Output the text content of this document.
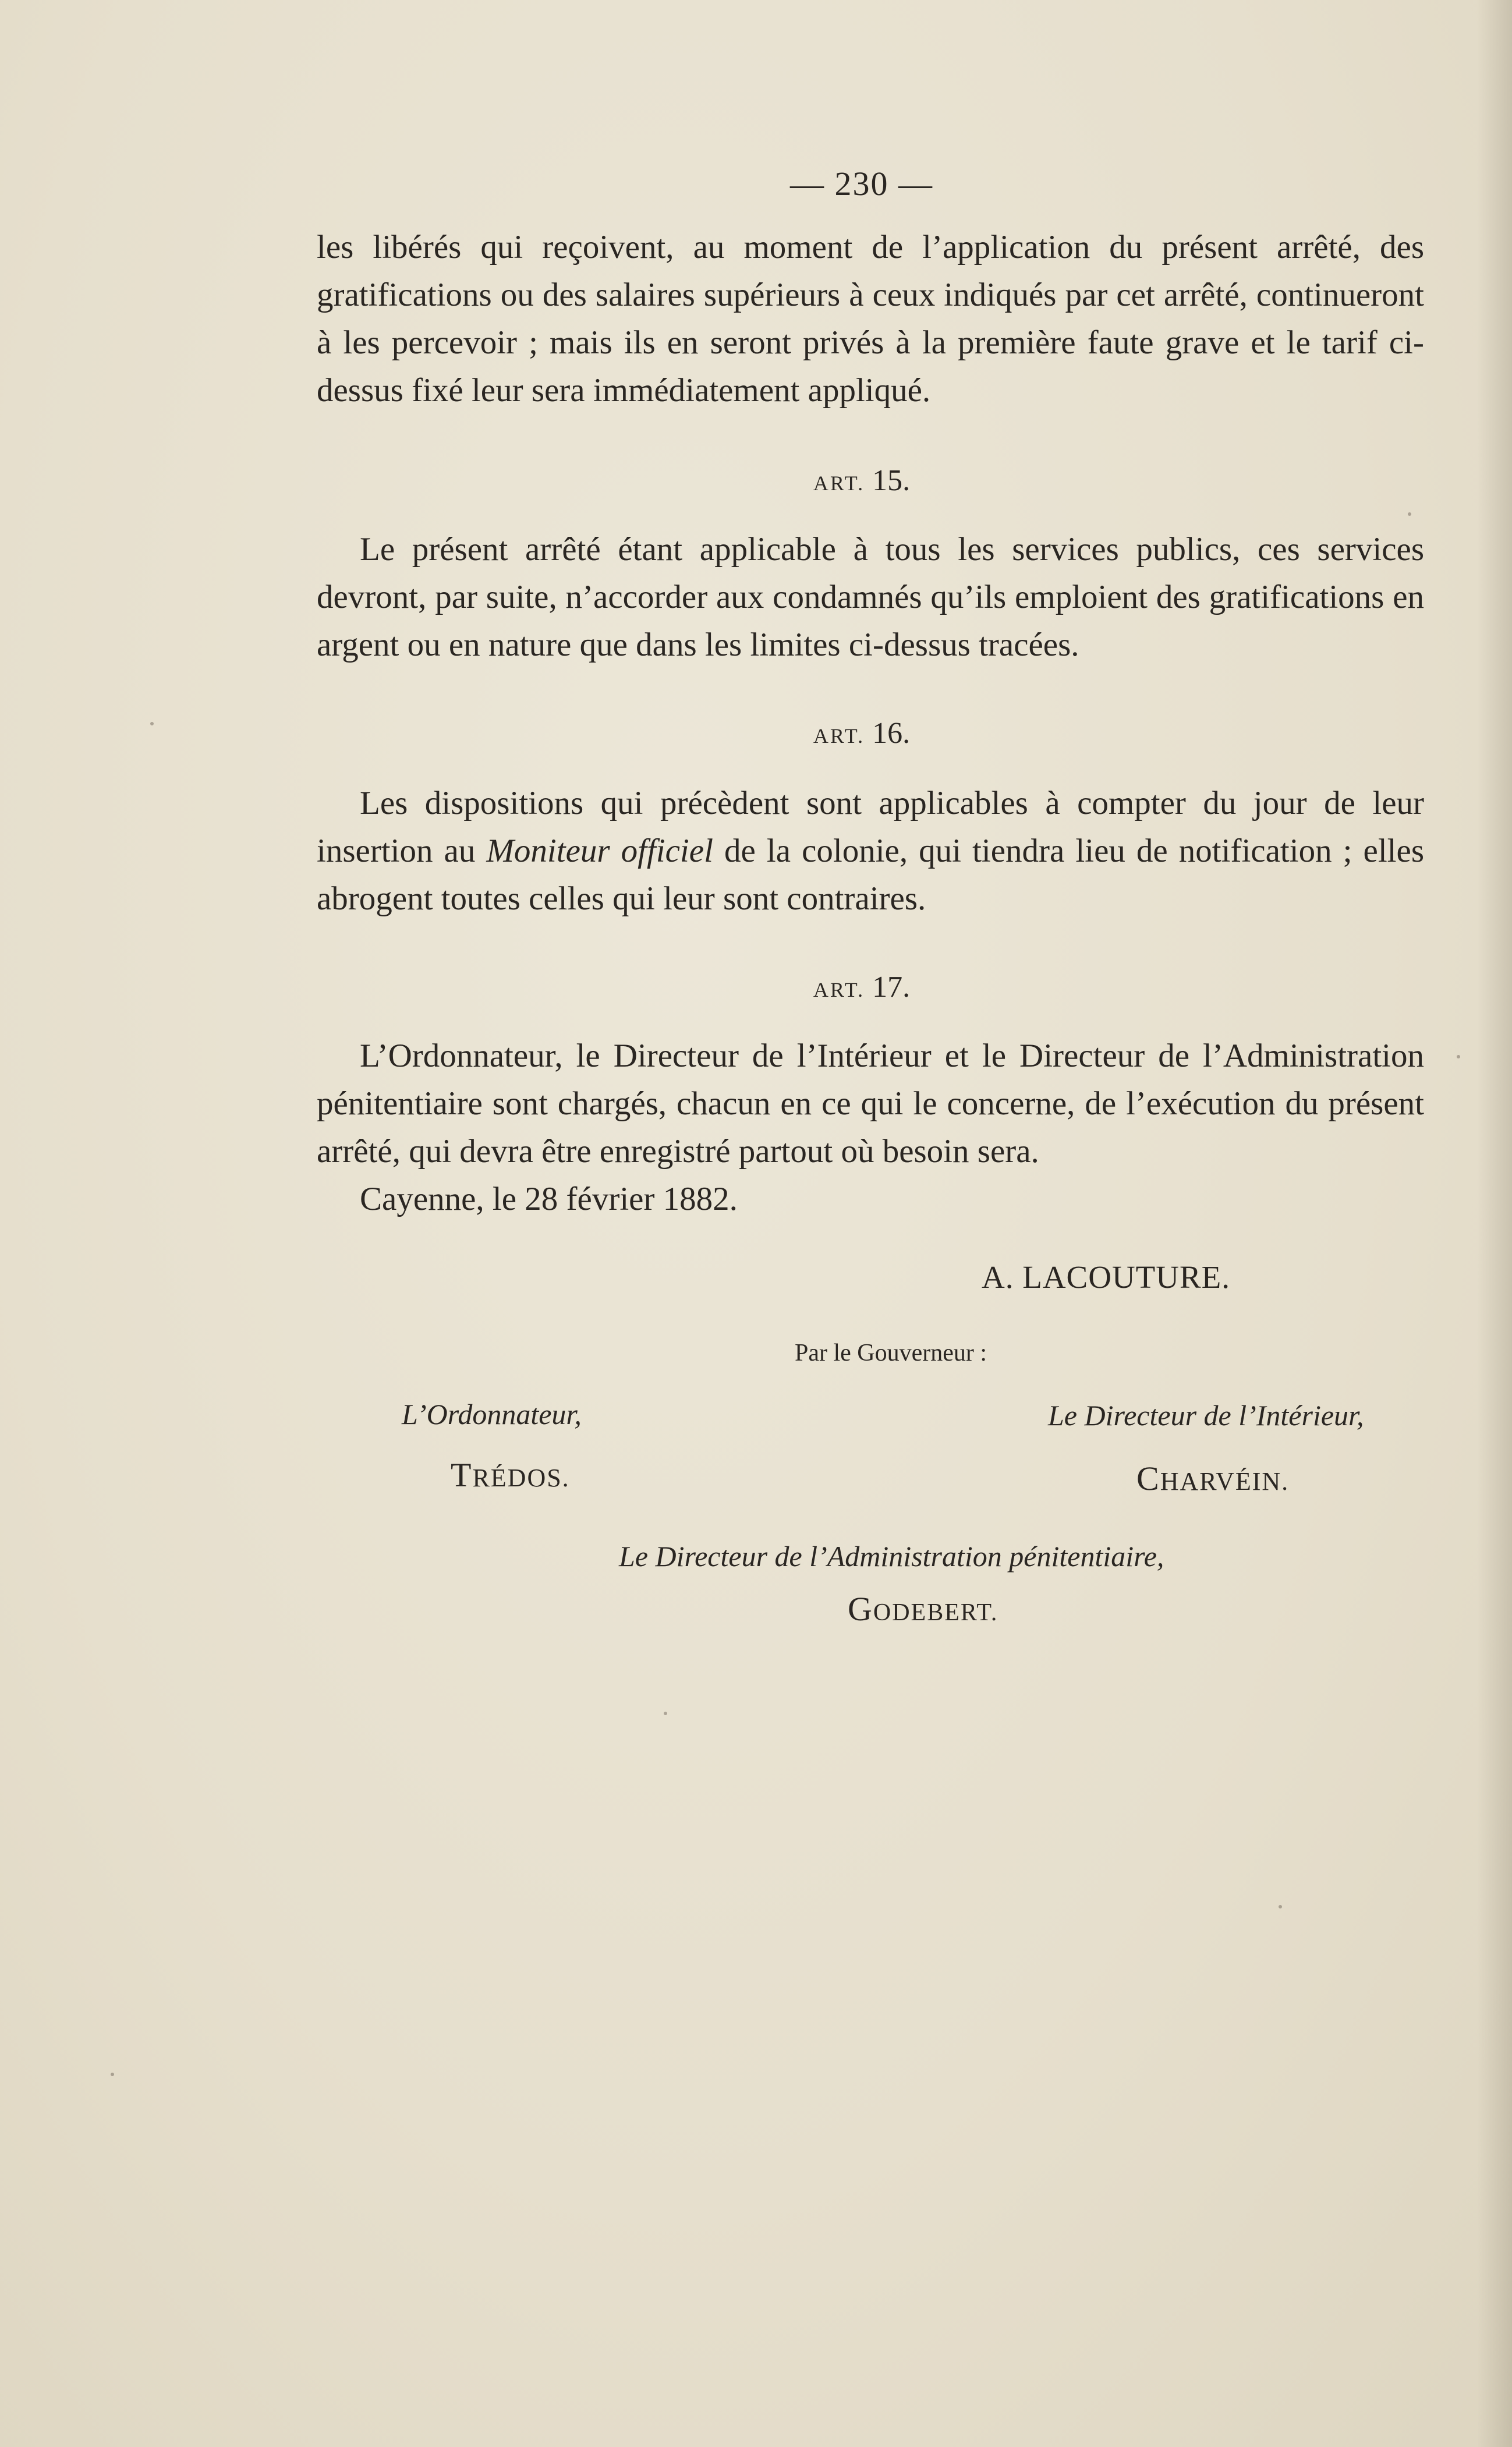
— 230 —

les libérés qui reçoivent, au moment de l’application du présent arrêté, des gratifications ou des salaires supérieurs à ceux indiqués par cet arrêté, continueront à les percevoir ; mais ils en seront privés à la première faute grave et le tarif ci-dessus fixé leur sera immédiatement appliqué.

ART. 15.

Le présent arrêté étant applicable à tous les services publics, ces services devront, par suite, n’accorder aux condamnés qu’ils emploient des gratifications en argent ou en nature que dans les limites ci-dessus tracées.

ART. 16.

Les dispositions qui précèdent sont applicables à compter du jour de leur insertion au Moniteur officiel de la colonie, qui tiendra lieu de notification ; elles abrogent toutes celles qui leur sont contraires.

ART. 17.

L’Ordonnateur, le Directeur de l’Intérieur et le Directeur de l’Administration pénitentiaire sont chargés, chacun en ce qui le concerne, de l’exécution du présent arrêté, qui devra être enregistré partout où besoin sera.

Cayenne, le 28 février 1882.

A. LACOUTURE.
Par le Gouverneur :
L’Ordonnateur,
TRÉDOS.
Le Directeur de l’Intérieur,
CHARVÉIN.
Le Directeur de l’Administration pénitentiaire,
GODEBERT.
